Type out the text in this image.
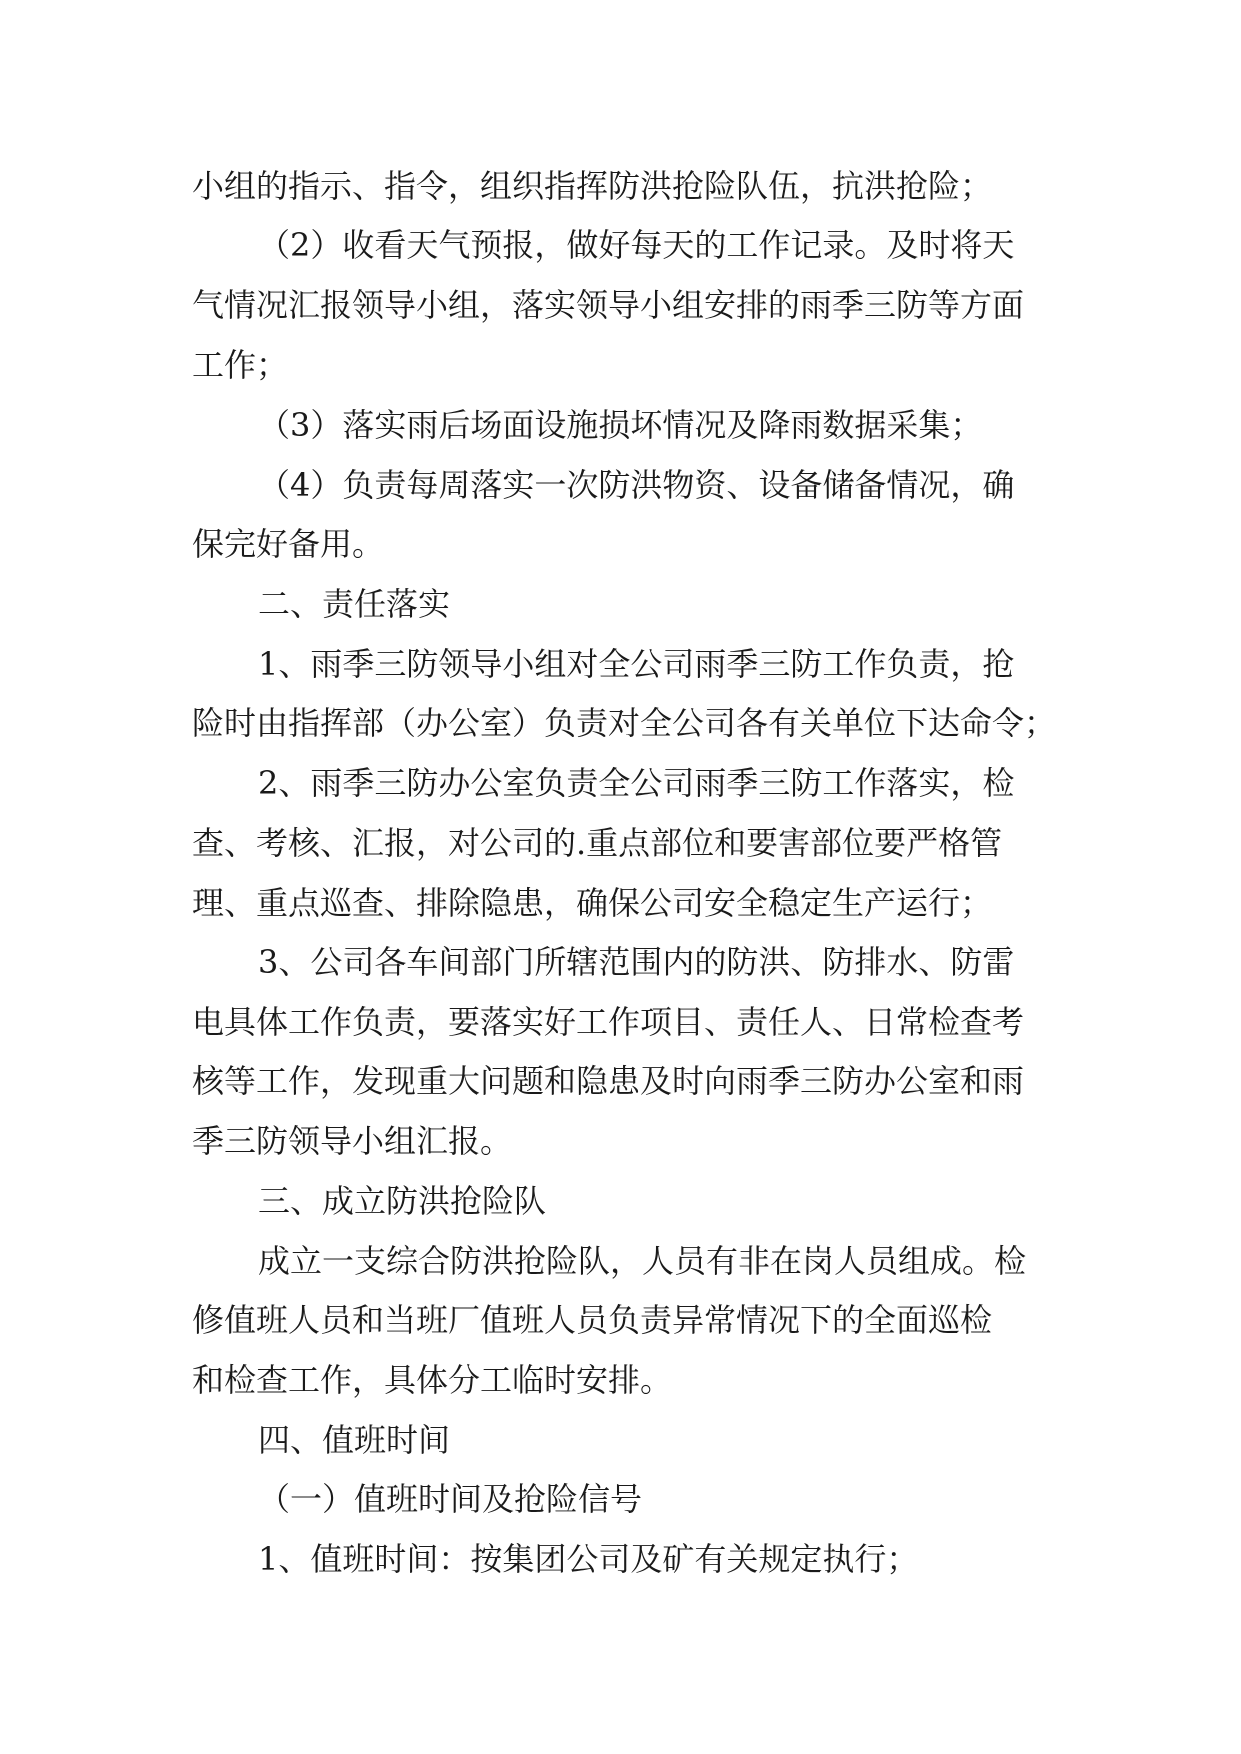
小组的指示、指令，组织指挥防洪抢险队伍，抗洪抢险；
（2）收看天气预报，做好每天的工作记录。及时将天
气情况汇报领导小组，落实领导小组安排的雨季三防等方面
工作；
（3）落实雨后场面设施损坏情况及降雨数据采集；
（4）负责每周落实一次防洪物资、设备储备情况，确
保完好备用。
二、责任落实
1、雨季三防领导小组对全公司雨季三防工作负责，抢
险时由指挥部（办公室）负责对全公司各有关单位下达命令；
2、雨季三防办公室负责全公司雨季三防工作落实，检
查、考核、汇报，对公司的.重点部位和要害部位要严格管
理、重点巡查、排除隐患，确保公司安全稳定生产运行；
3、公司各车间部门所辖范围内的防洪、防排水、防雷
电具体工作负责，要落实好工作项目、责任人、日常检查考
核等工作，发现重大问题和隐患及时向雨季三防办公室和雨
季三防领导小组汇报。
三、成立防洪抢险队
成立一支综合防洪抢险队，人员有非在岗人员组成。检
修值班人员和当班厂值班人员负责异常情况下的全面巡检
和检查工作，具体分工临时安排。
四、值班时间
（一）值班时间及抢险信号
1、值班时间：按集团公司及矿有关规定执行；
